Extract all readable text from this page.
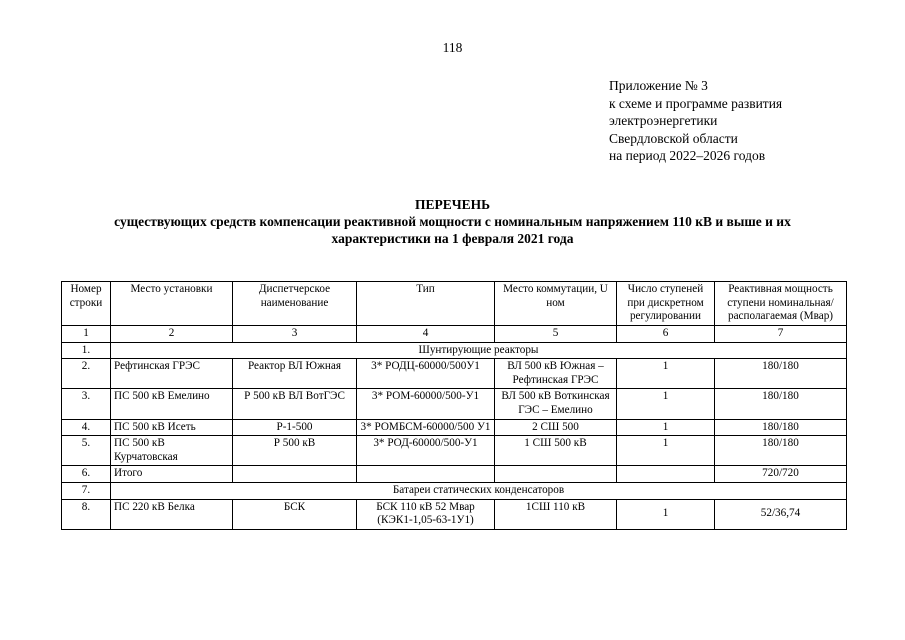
118
Приложение № 3
к схеме и программе развития
электроэнергетики
Свердловской области
на период 2022–2026 годов
ПЕРЕЧЕНЬ
существующих средств компенсации реактивной мощности с номинальным напряжением 110 кВ и выше и их
характеристики на 1 февраля 2021 года
Номер строки	Место установки	Диспетчерское наименование	Тип	Место коммутации, U ном	Число ступеней при дискретном регулировании	Реактивная мощность ступени номинальная/ располагаемая (Мвар)
1	2	3	4	5	6	7
1.	Шунтирующие реакторы					
2.	Рефтинская ГРЭС	Реактор ВЛ Южная	3* РОДЦ-60000/500У1	ВЛ 500 кВ Южная – Рефтинская ГРЭС	1	180/180
3.	ПС 500 кВ Емелино	Р 500 кВ ВЛ ВотГЭС	3* РОМ-60000/500-У1	ВЛ 500 кВ Воткинская ГЭС – Емелино	1	180/180
4.	ПС 500 кВ Исеть	Р-1-500	3* РОМБСМ-60000/500 У1	2 СШ 500	1	180/180
5.	ПС 500 кВ Курчатовская	Р 500 кВ	3* РОД-60000/500-У1	1 СШ 500 кВ	1	180/180
6.	Итого					720/720
7.	Батареи статических конденсаторов					
8.	ПС 220 кВ Белка	БСК	БСК 110 кВ 52 Мвар (КЭК1-1,05-63-1У1)	1СШ 110 кВ	1	52/36,74
